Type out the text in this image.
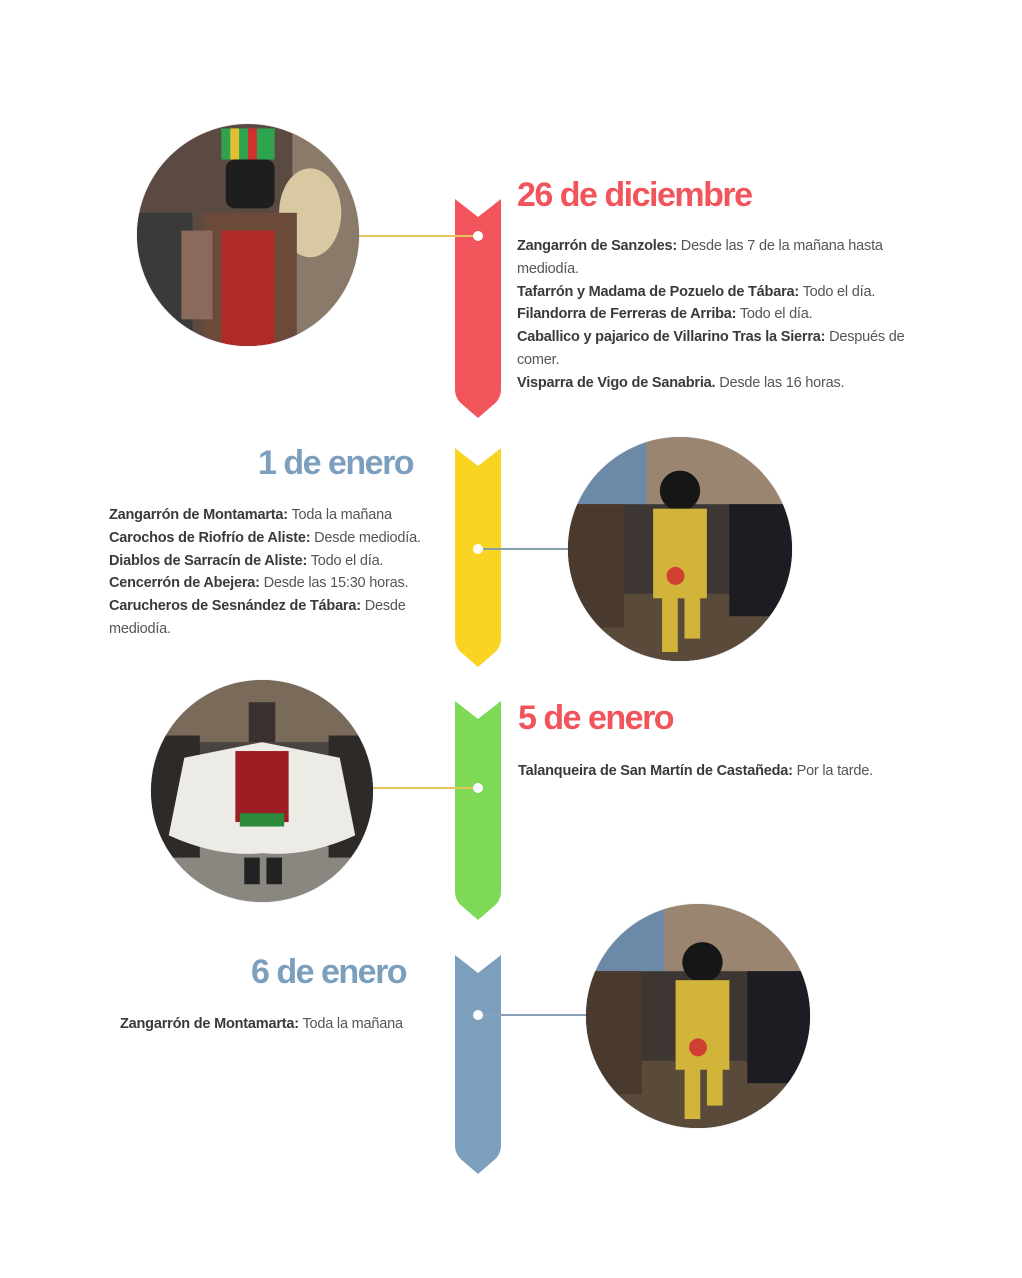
26 de diciembre
Zangarrón de Sanzoles: Desde las 7 de la mañana hasta mediodía.
Tafarrón y Madama de Pozuelo de Tábara: Todo el día.
Filandorra de Ferreras de Arriba: Todo el día.
Caballico y pajarico de Villarino Tras la Sierra: Después de comer.
Visparra de Vigo de Sanabria. Desde las 16 horas.
1 de enero
Zangarrón de Montamarta: Toda la mañana
Carochos de Riofrío de Aliste: Desde mediodía.
Diablos de Sarracín de Aliste: Todo el día.
Cencerrón de Abejera: Desde las 15:30 horas.
Carucheros de Sesnández de Tábara: Desde mediodía.
5 de enero
Talanqueira de San Martín de Castañeda: Por la tarde.
6 de enero
Zangarrón de Montamarta: Toda la mañana
